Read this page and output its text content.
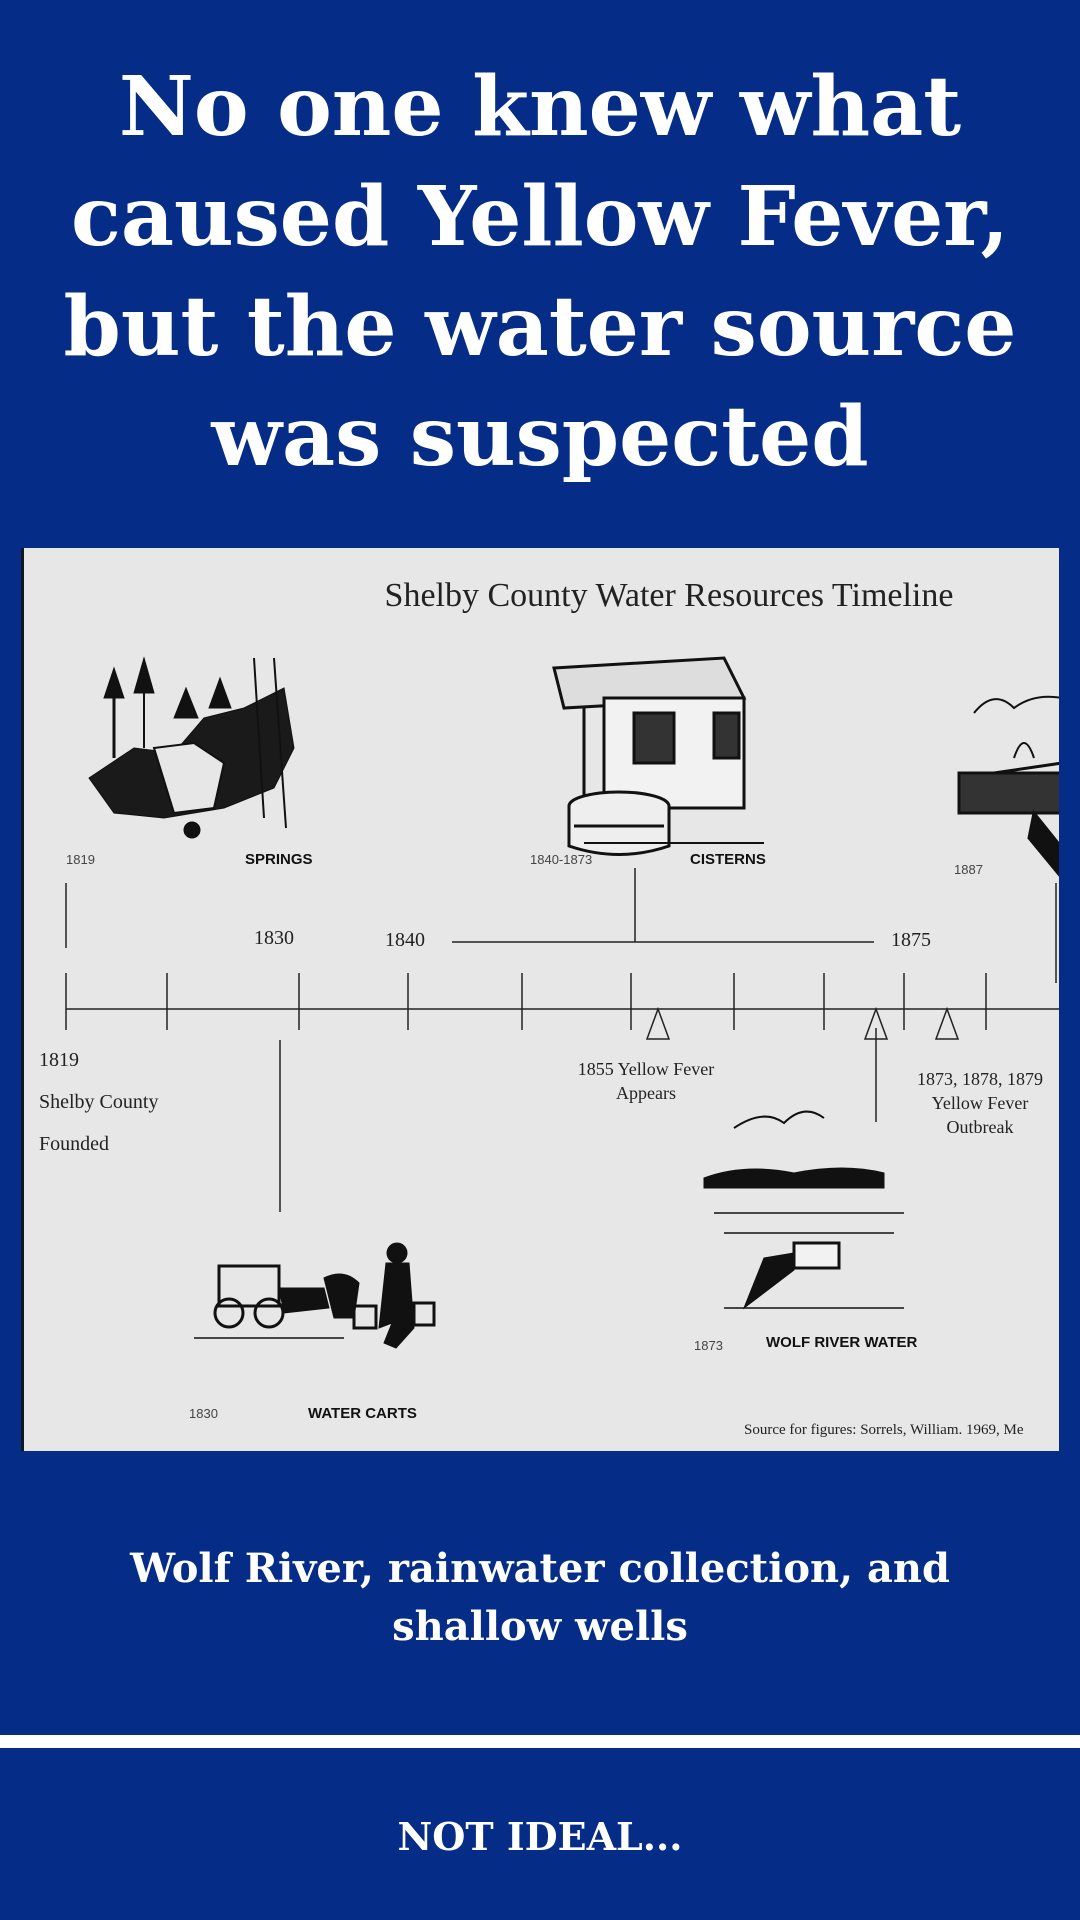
No one knew what caused Yellow Fever, but the water source was suspected
Shelby County Water Resources Timeline
1819	SPRINGS	1840-1873	CISTERNS
1887
1830	1840	1875
1819
Shelby County
Founded
1855 Yellow Fever
Appears
1873, 1878, 1879
Yellow Fever
Outbreak
1873	WOLF RIVER WATER
1830	WATER CARTS
Source for figures: Sorrels, William. 1969, Me
Wolf River, rainwater collection, and shallow wells
NOT IDEAL...
